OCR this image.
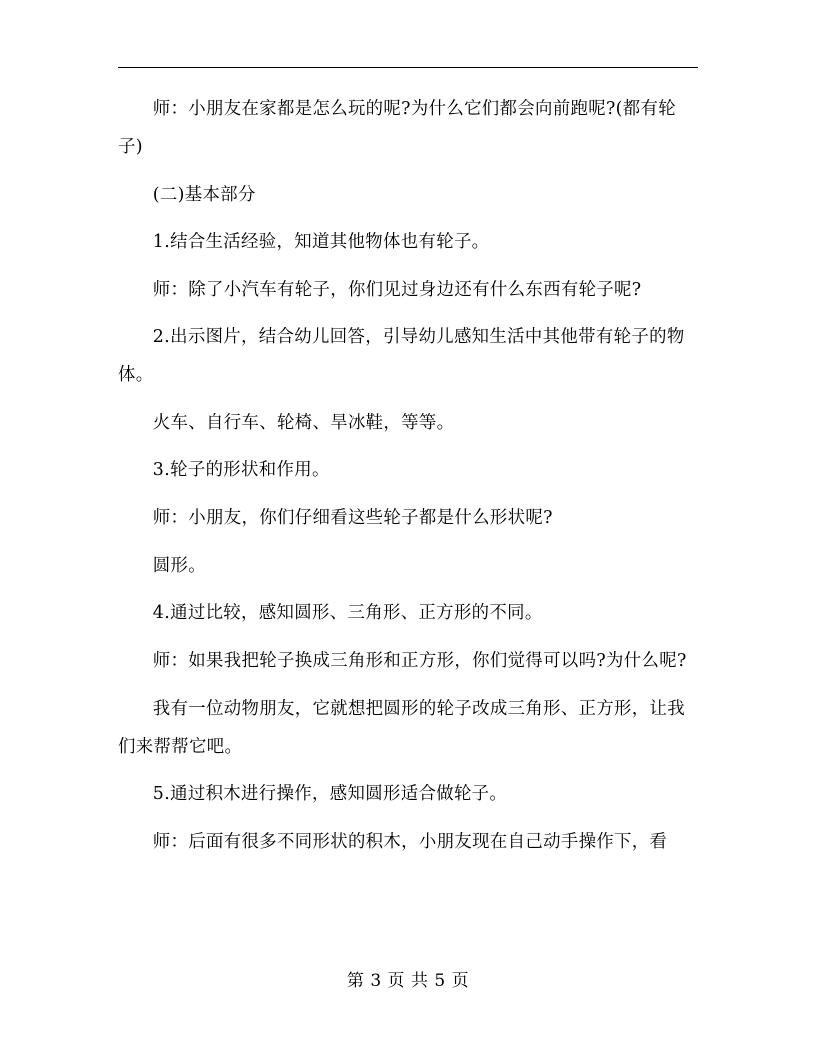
师：小朋友在家都是怎么玩的呢?为什么它们都会向前跑呢?(都有轮子)

(二)基本部分

1.结合生活经验，知道其他物体也有轮子。

师：除了小汽车有轮子，你们见过身边还有什么东西有轮子呢?

2.出示图片，结合幼儿回答，引导幼儿感知生活中其他带有轮子的物体。

火车、自行车、轮椅、旱冰鞋，等等。

3.轮子的形状和作用。

师：小朋友，你们仔细看这些轮子都是什么形状呢?

圆形。

4.通过比较，感知圆形、三角形、正方形的不同。

师：如果我把轮子换成三角形和正方形，你们觉得可以吗?为什么呢?

我有一位动物朋友，它就想把圆形的轮子改成三角形、正方形，让我们来帮帮它吧。

5.通过积木进行操作，感知圆形适合做轮子。

师：后面有很多不同形状的积木，小朋友现在自己动手操作下，看

第 3 页 共 5 页
